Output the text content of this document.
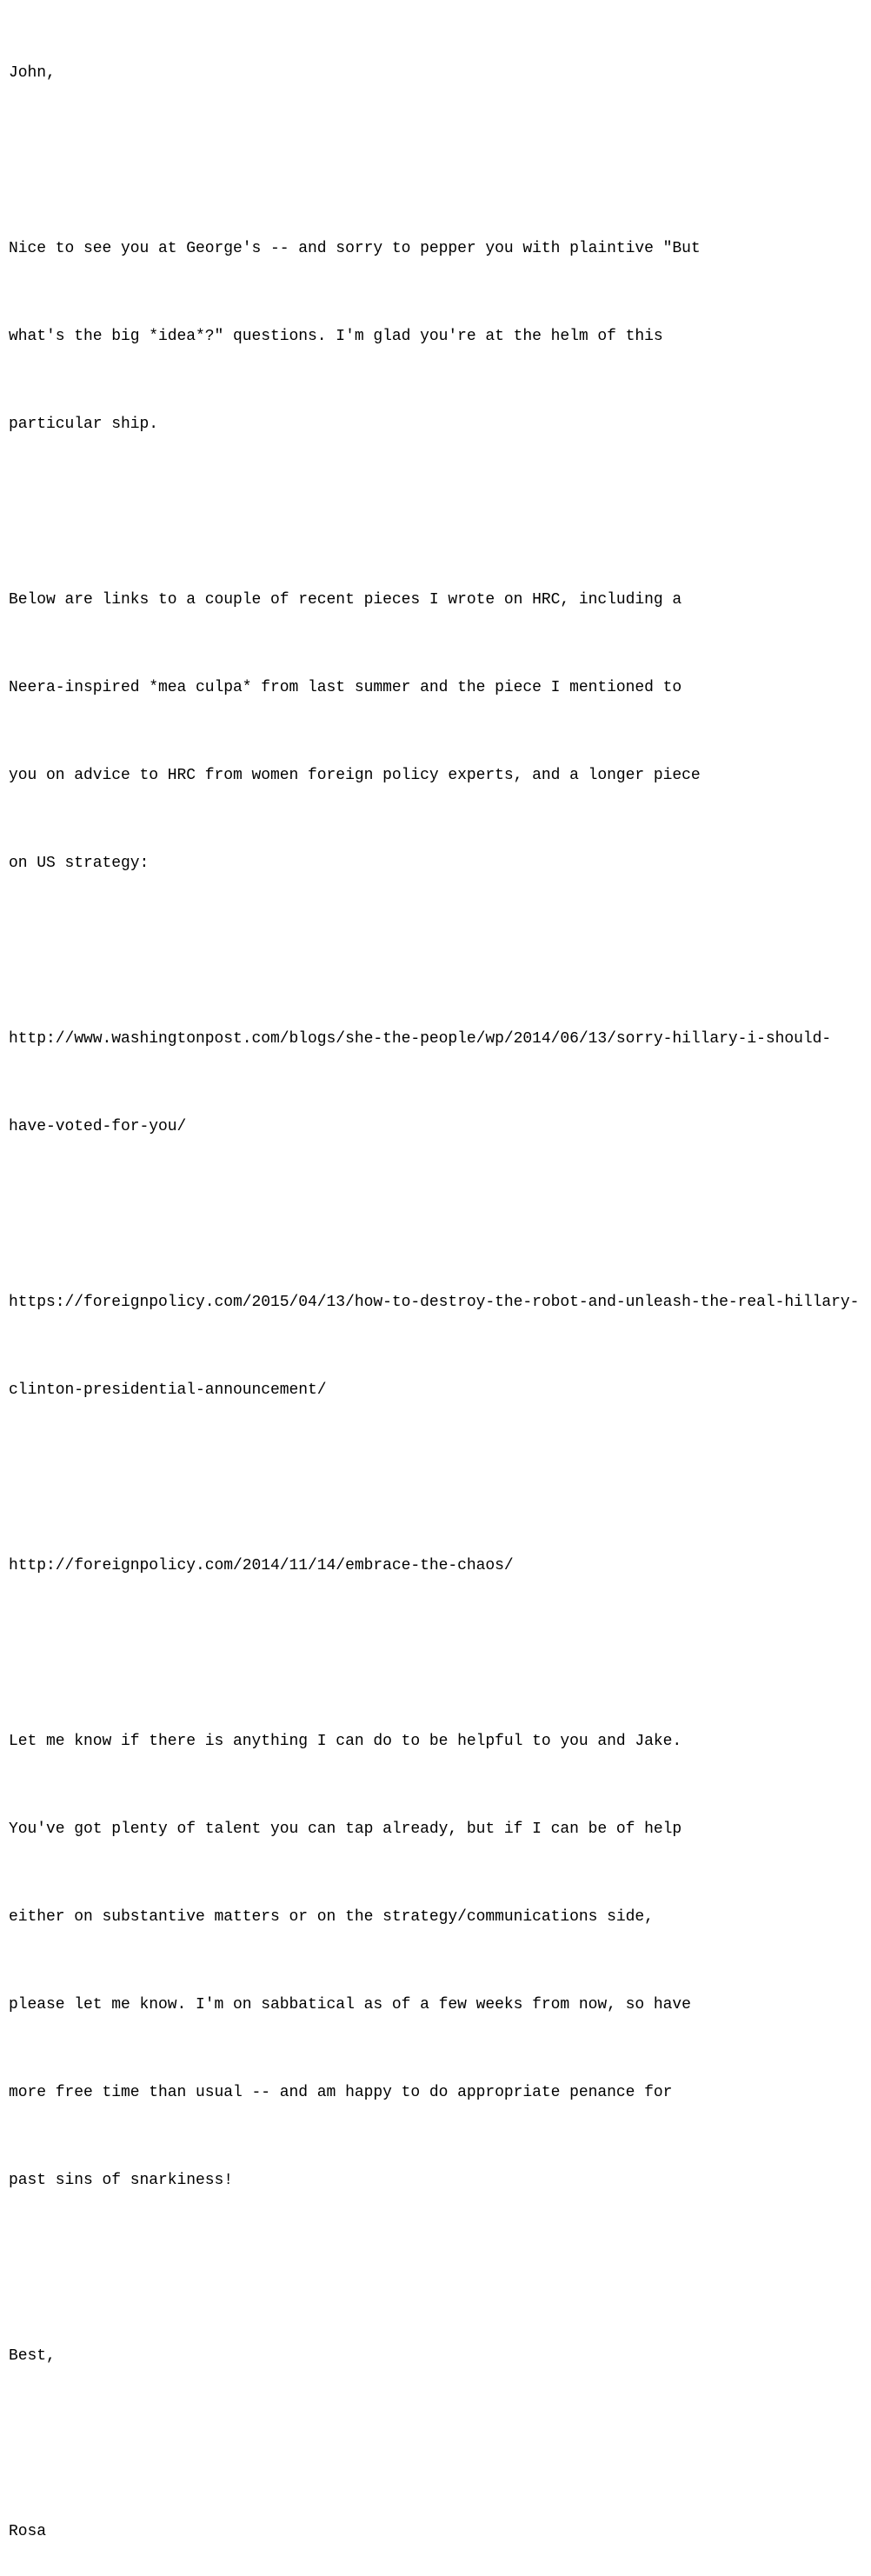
John,

Nice to see you at George's -- and sorry to pepper you with plaintive "But

what's the big *idea*?" questions. I'm glad you're at the helm of this

particular ship.

Below are links to a couple of recent pieces I wrote on HRC, including a

Neera-inspired *mea culpa* from last summer and the piece I mentioned to

you on advice to HRC from women foreign policy experts, and a longer piece

on US strategy:

http://www.washingtonpost.com/blogs/she-the-people/wp/2014/06/13/sorry-hillary-i-should-

have-voted-for-you/

https://foreignpolicy.com/2015/04/13/how-to-destroy-the-robot-and-unleash-the-real-hillary-

clinton-presidential-announcement/

http://foreignpolicy.com/2014/11/14/embrace-the-chaos/

Let me know if there is anything I can do to be helpful to you and Jake.

You've got plenty of talent you can tap already, but if I can be of help

either on substantive matters or on the strategy/communications side,

please let me know. I'm on sabbatical as of a few weeks from now, so have

more free time than usual -- and am happy to do appropriate penance for

past sins of snarkiness!

Best,

Rosa
